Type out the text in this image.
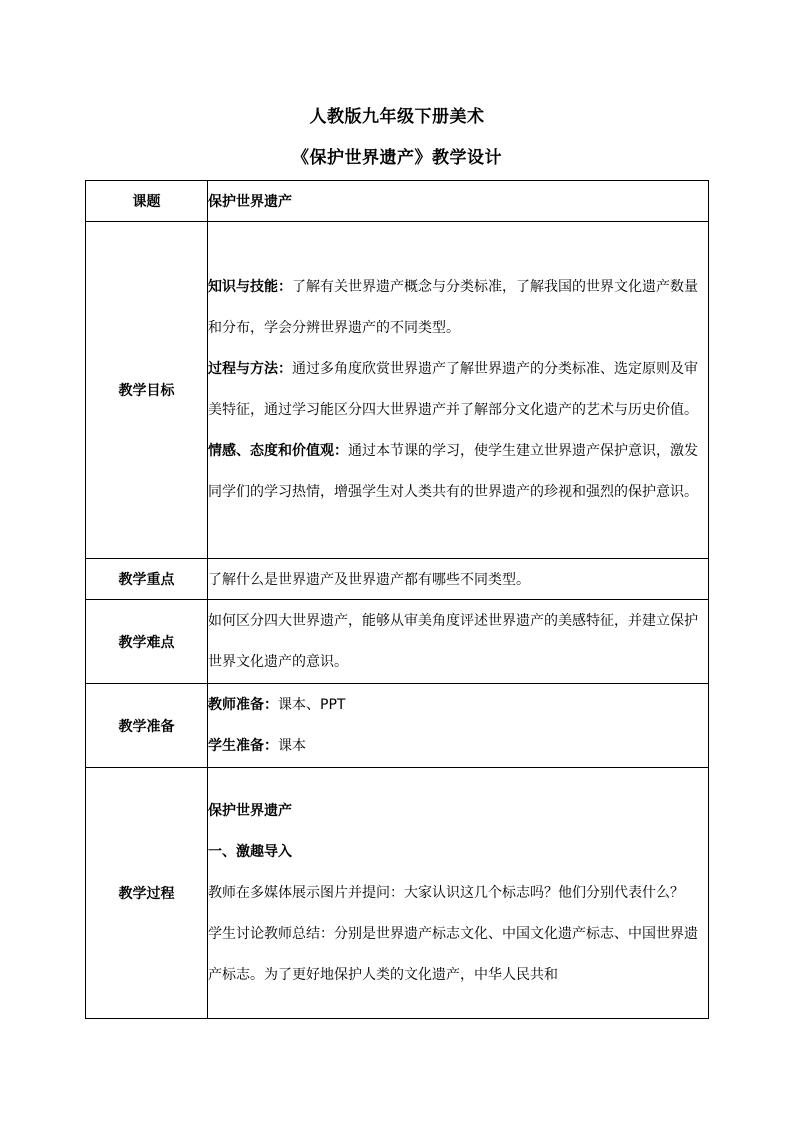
人教版九年级下册美术
《保护世界遗产》教学设计
课题	保护世界遗产
教学目标	知识与技能：了解有关世界遗产概念与分类标准，了解我国的世界文化遗产数量和分布，学会分辨世界遗产的不同类型。
过程与方法：通过多角度欣赏世界遗产了解世界遗产的分类标准、选定原则及审美特征，通过学习能区分四大世界遗产并了解部分文化遗产的艺术与历史价值。
情感、态度和价值观：通过本节课的学习，使学生建立世界遗产保护意识，激发同学们的学习热情，增强学生对人类共有的世界遗产的珍视和强烈的保护意识。

教学重点	了解什么是世界遗产及世界遗产都有哪些不同类型。
教学难点	如何区分四大世界遗产，能够从审美角度评述世界遗产的美感特征，并建立保护世界文化遗产的意识。

教学准备	教师准备：课本、PPT
学生准备：课本

教学过程	保护世界遗产
一、激趣导入
教师在多媒体展示图片并提问：大家认识这几个标志吗？他们分别代表什么？
学生讨论教师总结：分别是世界遗产标志文化、中国文化遗产标志、中国世界遗产标志。为了更好地保护人类的文化遗产，中华人民共和
